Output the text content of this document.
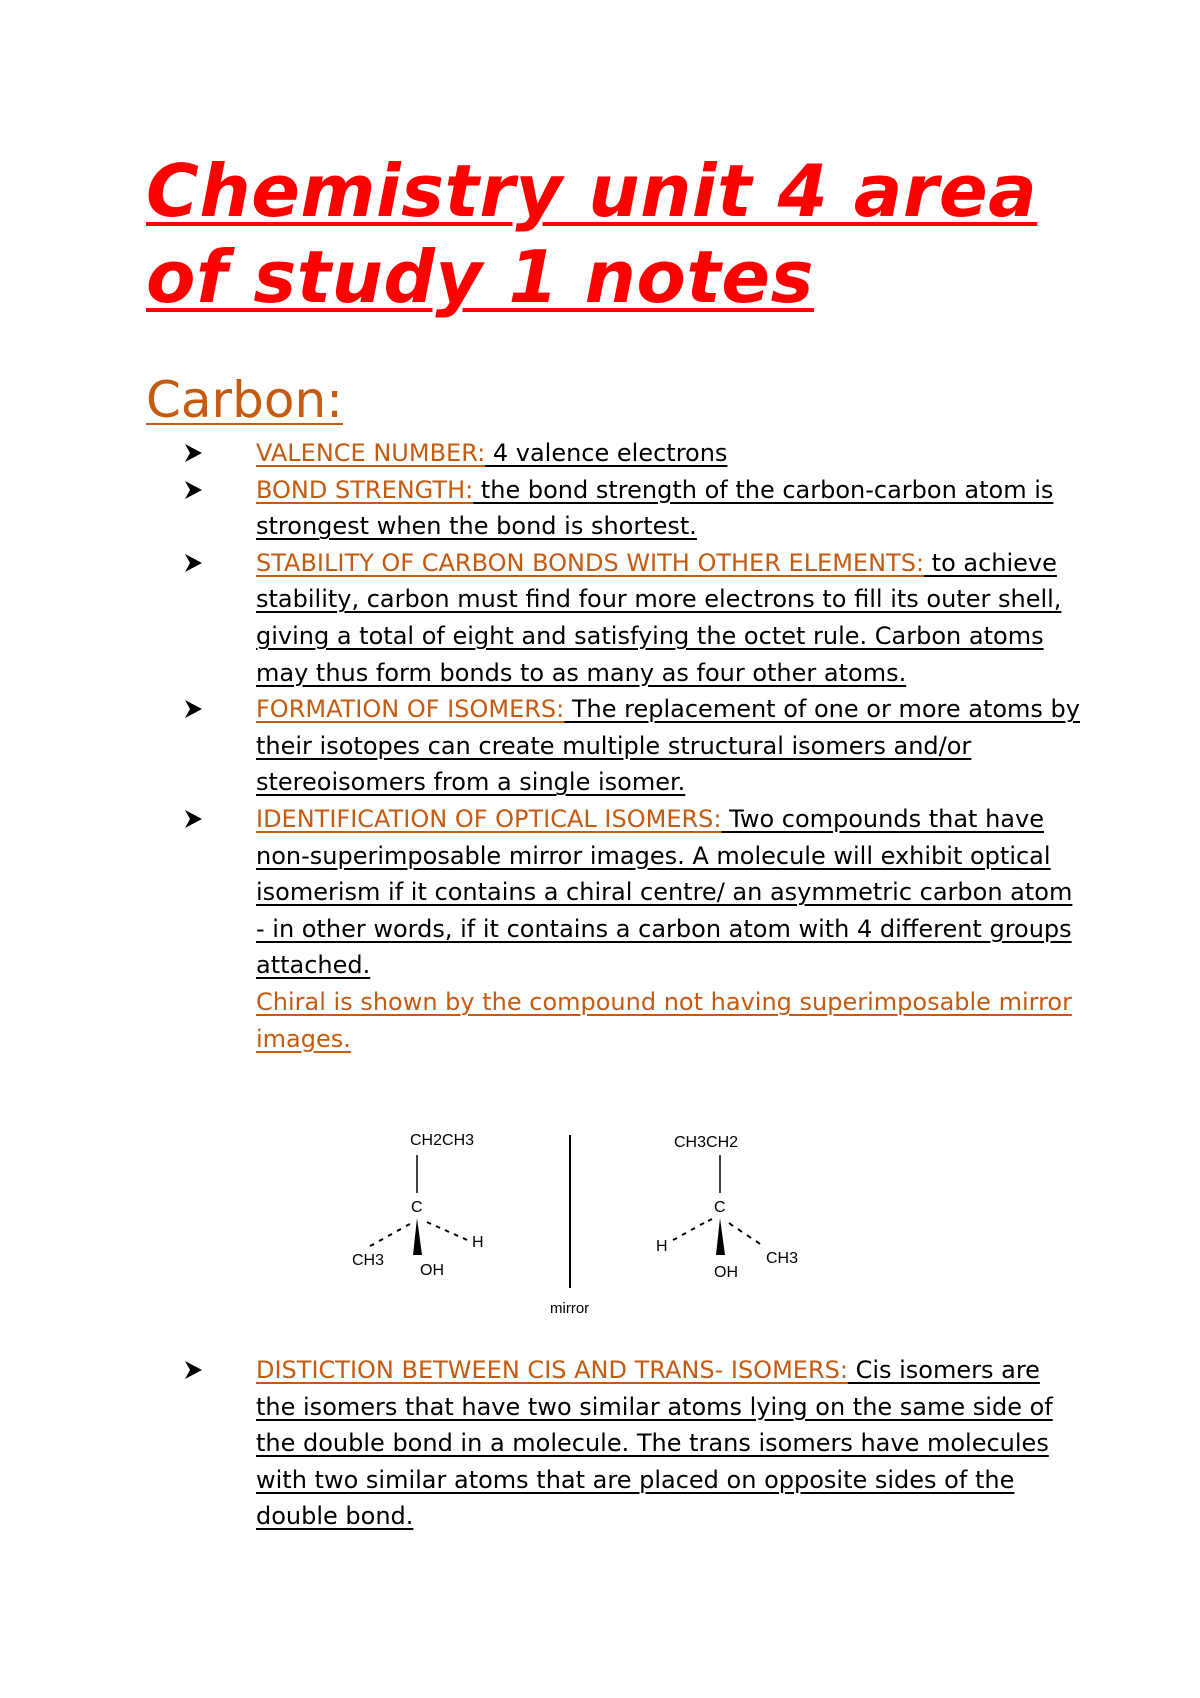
Chemistry unit 4 area of study 1 notes
Carbon:
VALENCE NUMBER: 4 valence electrons
BOND STRENGTH: the bond strength of the carbon-carbon atom is strongest when the bond is shortest.
STABILITY OF CARBON BONDS WITH OTHER ELEMENTS: to achieve stability, carbon must find four more electrons to fill its outer shell, giving a total of eight and satisfying the octet rule. Carbon atoms may thus form bonds to as many as four other atoms.
FORMATION OF ISOMERS: The replacement of one or more atoms by their isotopes can create multiple structural isomers and/or stereoisomers from a single isomer.
IDENTIFICATION OF OPTICAL ISOMERS: Two compounds that have non-superimposable mirror images. A molecule will exhibit optical isomerism if it contains a chiral centre/ an asymmetric carbon atom - in other words, if it contains a carbon atom with 4 different groups attached.
Chiral is shown by the compound not having superimposable mirror images.
CH2CH3
C
CH3
H
OH
mirror
CH3CH2
C
H
CH3
OH
DISTICTION BETWEEN CIS AND TRANS- ISOMERS: Cis isomers are the isomers that have two similar atoms lying on the same side of the double bond in a molecule. The trans isomers have molecules with two similar atoms that are placed on opposite sides of the double bond.
